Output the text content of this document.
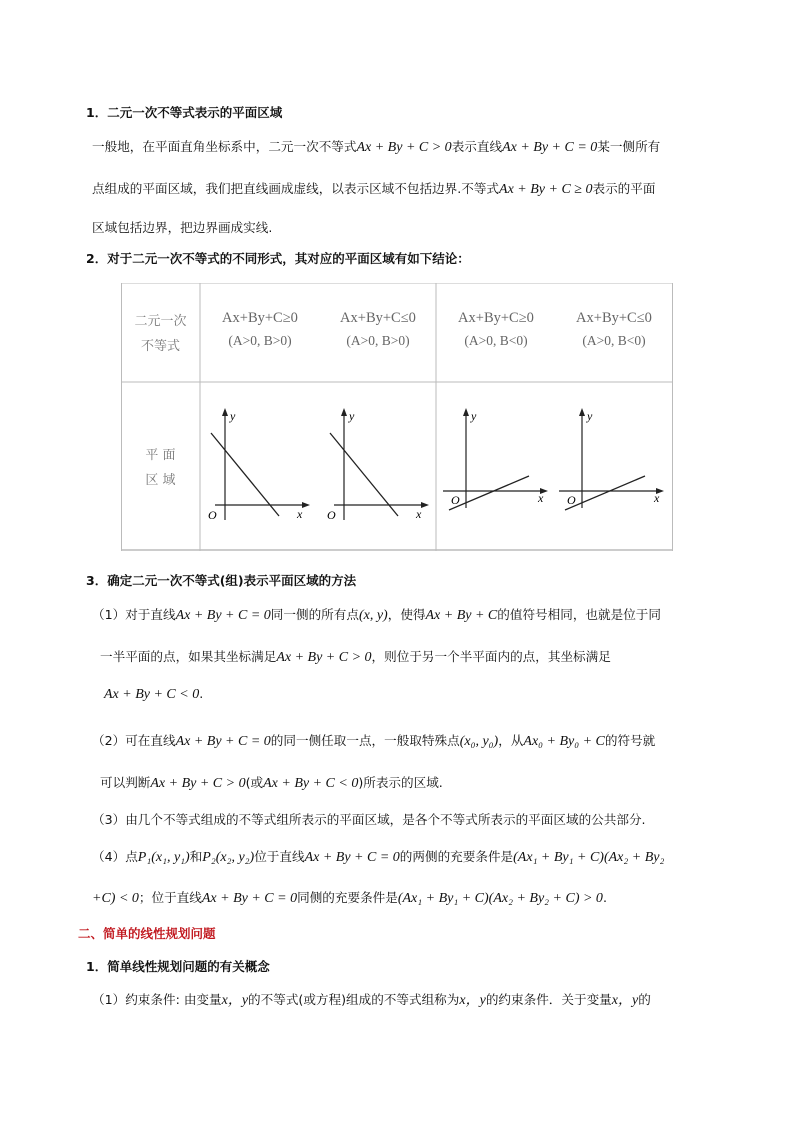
1．二元一次不等式表示的平面区域
一般地，在平面直角坐标系中，二元一次不等式Ax + By + C > 0表示直线Ax + By + C = 0某一侧所有
点组成的平面区域，我们把直线画成虚线，以表示区域不包括边界.不等式Ax + By + C ≥ 0表示的平面
区域包括边界，把边界画成实线.
2．对于二元一次不等式的不同形式，其对应的平面区域有如下结论：
二元一次
不等式
平 面
区 域
Ax+By+C≥0
(A>0, B>0)
Ax+By+C≤0
(A>0, B>0)
Ax+By+C≥0
(A>0, B<0)
Ax+By+C≤0
(A>0, B<0)
y
x
O
y
x
O
y
x
O
y
x
O
3．确定二元一次不等式(组)表示平面区域的方法
（1）对于直线Ax + By + C = 0同一侧的所有点(x, y)，使得Ax + By + C的值符号相同，也就是位于同
一半平面的点，如果其坐标满足Ax + By + C > 0，则位于另一个半平面内的点，其坐标满足
Ax + By + C < 0.
（2）可在直线Ax + By + C = 0的同一侧任取一点，一般取特殊点(x₀, y₀)，从Ax₀ + By₀ + C的符号就
可以判断Ax + By + C > 0(或Ax + By + C < 0)所表示的区域.
（3）由几个不等式组成的不等式组所表示的平面区域，是各个不等式所表示的平面区域的公共部分.
（4）点P₁(x₁, y₁)和P₂(x₂, y₂)位于直线Ax + By + C = 0的两侧的充要条件是(Ax₁ + By₁ + C)(Ax₂ + By₂
+C) < 0；位于直线Ax + By + C = 0同侧的充要条件是(Ax₁ + By₁ + C)(Ax₂ + By₂ + C) > 0.
二、简单的线性规划问题
1．简单线性规划问题的有关概念
（1）约束条件: 由变量x，y的不等式(或方程)组成的不等式组称为x，y的约束条件．关于变量x，y的
